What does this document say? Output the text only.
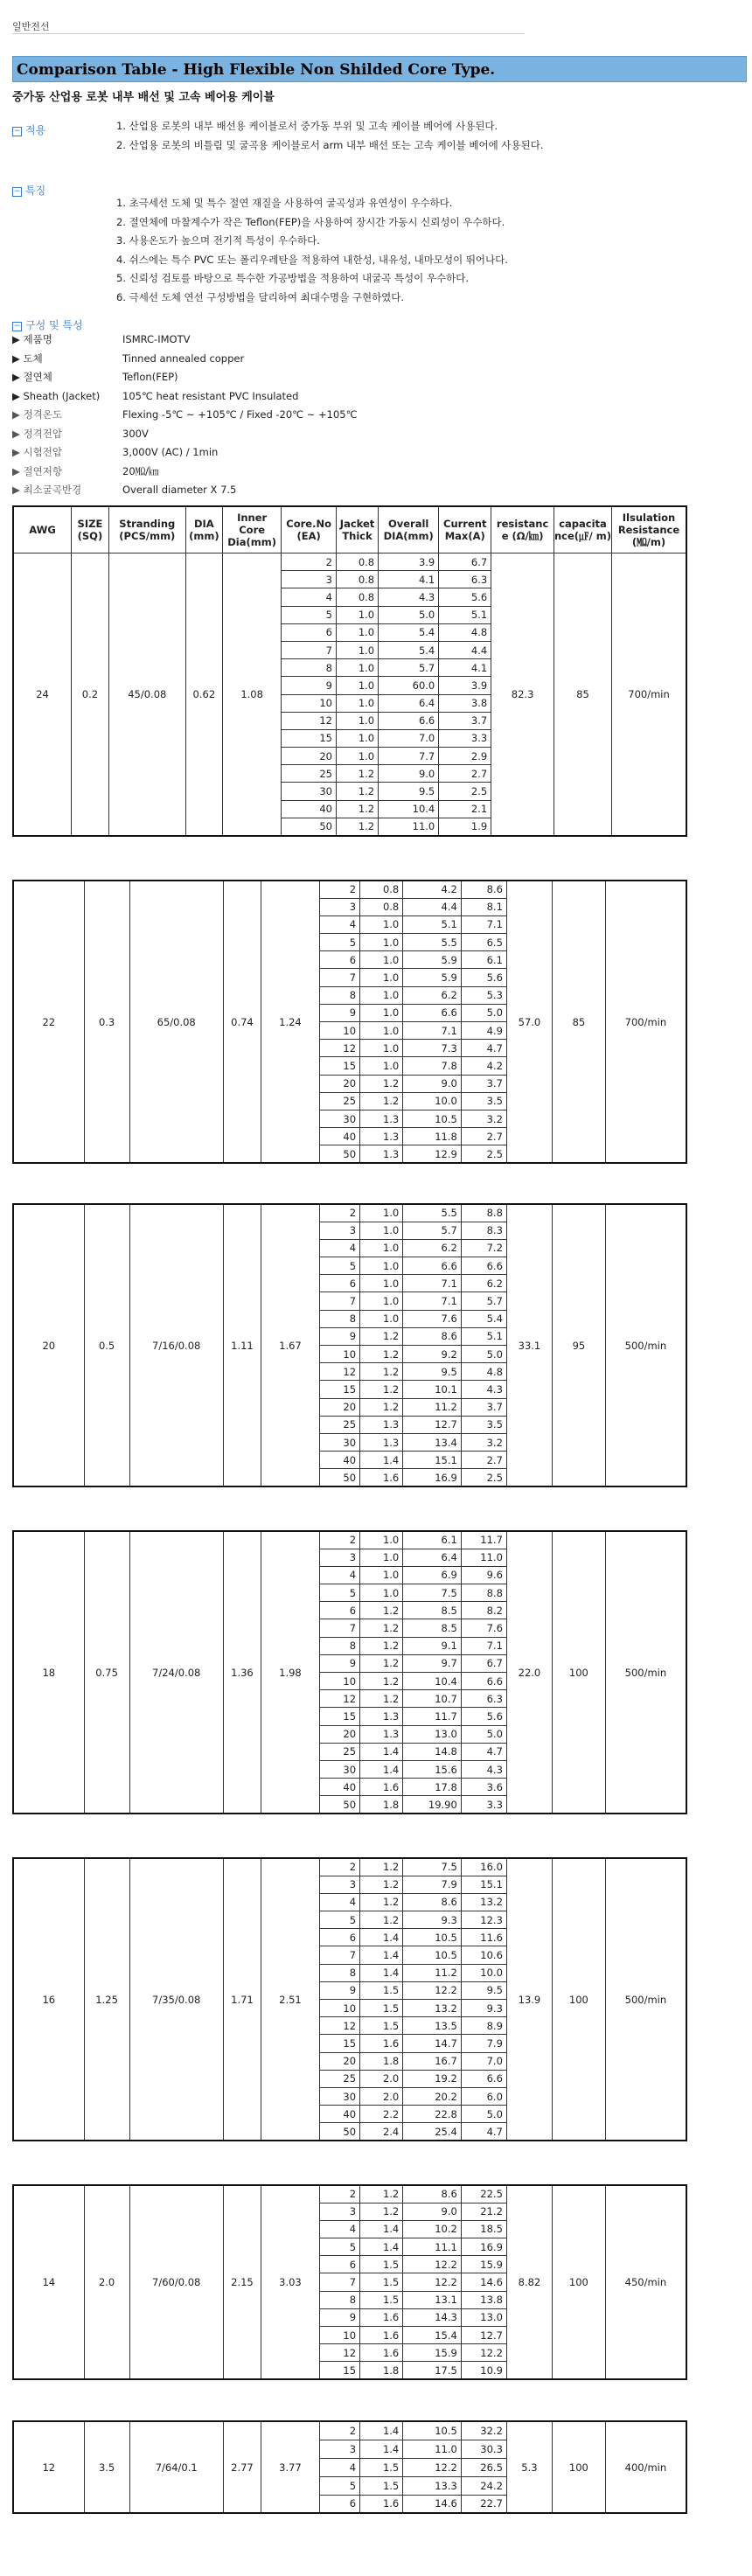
일반전선
Comparison Table - High Flexible Non Shilded Core Type.
중가동 산업용 로봇 내부 배선 및 고속 베어용 케이블
− 적용	1. 산업용 로봇의 내부 배선용 케이블로서 중가동 부위 및 고속 케이블 베어에 사용된다.
2. 산업용 로봇의 비틀림 및 굴곡용 케이블로서 arm 내부 배선 또는 고속 케이블 베어에 사용된다.
− 특징
1. 초극세선 도체 및 특수 절연 재질을 사용하여 굴곡성과 유연성이 우수하다.
2. 절연체에 마찰계수가 작은 Teflon(FEP)을 사용하여 장시간 가동시 신뢰성이 우수하다.
3. 사용온도가 높으며 전기적 특성이 우수하다.
4. 쉬스에는 특수 PVC 또는 폴리우레탄을 적용하여 내한성, 내유성, 내마모성이 뛰어나다.
5. 신뢰성 검토를 바탕으로 특수한 가공방법을 적용하여 내굴곡 특성이 우수하다.
6. 극세선 도체 연선 구성방법을 달리하여 최대수명을 구현하였다.
− 구성 및 특성
▶ 제품명	ISMRC-IMOTV
▶ 도체	Tinned annealed copper
▶ 절연체	Teflon(FEP)
▶ Sheath (Jacket)	105℃ heat resistant PVC Insulated
▶ 정격온도	Flexing -5℃ ~ +105℃ / Fixed -20℃ ~ +105℃
▶ 정격전압	300V
▶ 시험전압	3,000V (AC) / 1min
▶ 절연저항	20㏁/㎞
▶ 최소굴곡반경	Overall diameter X 7.5
AWG	SIZE (SQ)	Stranding (PCS/mm)	DIA (mm)	Inner Core Dia(mm)	Core.No (EA)	Jacket Thick	Overall DIA(mm)	Current Max(A)	resistanc e (Ω/㎞)	capacita nce(㎌/ m)	Ilsulation Resistance (㏁/m)
24	0.2	45/0.08	0.62	1.08	2	0.8	3.9	6.7	82.3	85	700/min
					3	0.8	4.1	6.3			
					4	0.8	4.3	5.6			
					5	1.0	5.0	5.1			
					6	1.0	5.4	4.8			
					7	1.0	5.4	4.4			
					8	1.0	5.7	4.1			
					9	1.0	60.0	3.9			
					10	1.0	6.4	3.8			
					12	1.0	6.6	3.7			
					15	1.0	7.0	3.3			
					20	1.0	7.7	2.9			
					25	1.2	9.0	2.7			
					30	1.2	9.5	2.5			
					40	1.2	10.4	2.1			
					50	1.2	11.0	1.9			
22	0.3	65/0.08	0.74	1.24	2	0.8	4.2	8.6	57.0	85	700/min
					3	0.8	4.4	8.1			
					4	1.0	5.1	7.1			
					5	1.0	5.5	6.5			
					6	1.0	5.9	6.1			
					7	1.0	5.9	5.6			
					8	1.0	6.2	5.3			
					9	1.0	6.6	5.0			
					10	1.0	7.1	4.9			
					12	1.0	7.3	4.7			
					15	1.0	7.8	4.2			
					20	1.2	9.0	3.7			
					25	1.2	10.0	3.5			
					30	1.3	10.5	3.2			
					40	1.3	11.8	2.7			
					50	1.3	12.9	2.5			
20	0.5	7/16/0.08	1.11	1.67	2	1.0	5.5	8.8	33.1	95	500/min
					3	1.0	5.7	8.3			
					4	1.0	6.2	7.2			
					5	1.0	6.6	6.6			
					6	1.0	7.1	6.2			
					7	1.0	7.1	5.7			
					8	1.0	7.6	5.4			
					9	1.2	8.6	5.1			
					10	1.2	9.2	5.0			
					12	1.2	9.5	4.8			
					15	1.2	10.1	4.3			
					20	1.2	11.2	3.7			
					25	1.3	12.7	3.5			
					30	1.3	13.4	3.2			
					40	1.4	15.1	2.7			
					50	1.6	16.9	2.5			
18	0.75	7/24/0.08	1.36	1.98	2	1.0	6.1	11.7	22.0	100	500/min
					3	1.0	6.4	11.0			
					4	1.0	6.9	9.6			
					5	1.0	7.5	8.8			
					6	1.2	8.5	8.2			
					7	1.2	8.5	7.6			
					8	1.2	9.1	7.1			
					9	1.2	9.7	6.7			
					10	1.2	10.4	6.6			
					12	1.2	10.7	6.3			
					15	1.3	11.7	5.6			
					20	1.3	13.0	5.0			
					25	1.4	14.8	4.7			
					30	1.4	15.6	4.3			
					40	1.6	17.8	3.6			
					50	1.8	19.90	3.3			
16	1.25	7/35/0.08	1.71	2.51	2	1.2	7.5	16.0	13.9	100	500/min
					3	1.2	7.9	15.1			
					4	1.2	8.6	13.2			
					5	1.2	9.3	12.3			
					6	1.4	10.5	11.6			
					7	1.4	10.5	10.6			
					8	1.4	11.2	10.0			
					9	1.5	12.2	9.5			
					10	1.5	13.2	9.3			
					12	1.5	13.5	8.9			
					15	1.6	14.7	7.9			
					20	1.8	16.7	7.0			
					25	2.0	19.2	6.6			
					30	2.0	20.2	6.0			
					40	2.2	22.8	5.0			
					50	2.4	25.4	4.7			
14	2.0	7/60/0.08	2.15	3.03	2	1.2	8.6	22.5	8.82	100	450/min
					3	1.2	9.0	21.2			
					4	1.4	10.2	18.5			
					5	1.4	11.1	16.9			
					6	1.5	12.2	15.9			
					7	1.5	12.2	14.6			
					8	1.5	13.1	13.8			
					9	1.6	14.3	13.0			
					10	1.6	15.4	12.7			
					12	1.6	15.9	12.2			
					15	1.8	17.5	10.9			
12	3.5	7/64/0.1	2.77	3.77	2	1.4	10.5	32.2	5.3	100	400/min
					3	1.4	11.0	30.3			
					4	1.5	12.2	26.5			
					5	1.5	13.3	24.2			
					6	1.6	14.6	22.7			
